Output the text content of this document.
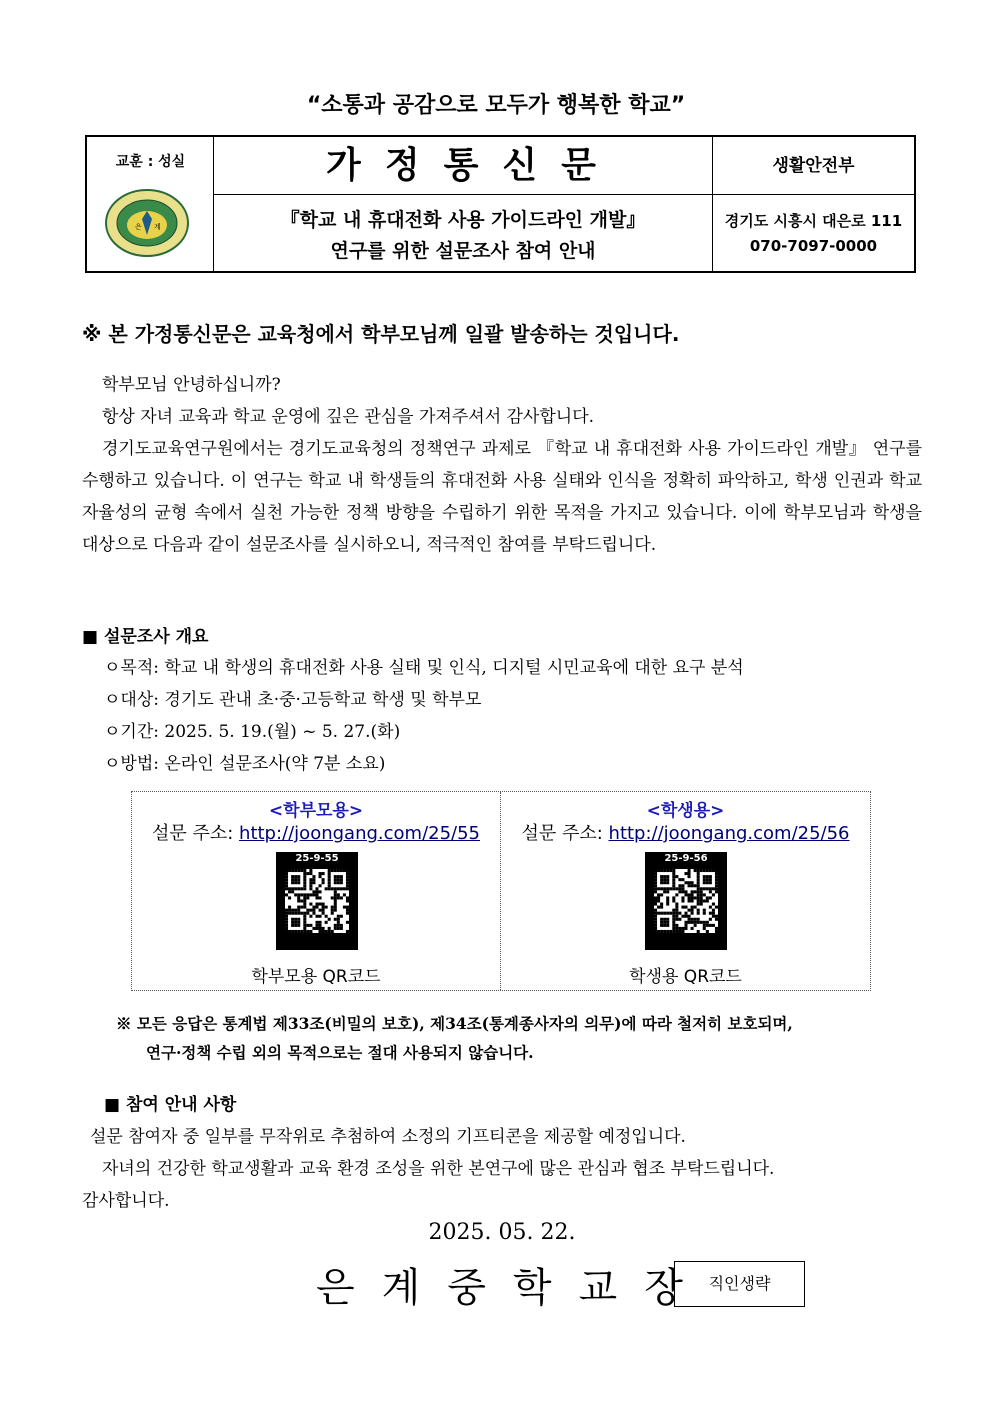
“소통과 공감으로 모두가 행복한 학교”
교훈 : 성실
은 계
가정통신문	생활안전부
『학교 내 휴대전화 사용 가이드라인 개발』
연구를 위한 설문조사 참여 안내
경기도 시흥시 대은로 111
070-7097-0000
※ 본 가정통신문은 교육청에서 학부모님께 일괄 발송하는 것입니다.
학부모님 안녕하십니까?
항상 자녀 교육과 학교 운영에 깊은 관심을 가져주셔서 감사합니다.
경기도교육연구원에서는 경기도교육청의 정책연구 과제로 『학교 내 휴대전화 사용 가이드라인 개발』 연구를 수행하고 있습니다. 이 연구는 학교 내 학생들의 휴대전화 사용 실태와 인식을 정확히 파악하고, 학생 인권과 학교 자율성의 균형 속에서 실천 가능한 정책 방향을 수립하기 위한 목적을 가지고 있습니다. 이에 학부모님과 학생을 대상으로 다음과 같이 설문조사를 실시하오니, 적극적인 참여를 부탁드립니다.
■ 설문조사 개요
ㅇ목적: 학교 내 학생의 휴대전화 사용 실태 및 인식, 디지털 시민교육에 대한 요구 분석
ㅇ대상: 경기도 관내 초·중·고등학교 학생 및 학부모
ㅇ기간: 2025. 5. 19.(월) ~ 5. 27.(화)
ㅇ방법: 온라인 설문조사(약 7분 소요)
<학부모용>
설문 주소: http://joongang.com/25/55
25-9-55
학부모용 QR코드
<학생용>
설문 주소: http://joongang.com/25/56
25-9-56
학생용 QR코드
※ 모든 응답은 통계법 제33조(비밀의 보호), 제34조(통계종사자의 의무)에 따라 철저히 보호되며,
연구·정책 수립 외의 목적으로는 절대 사용되지 않습니다.
■ 참여 안내 사항
설문 참여자 중 일부를 무작위로 추첨하여 소정의 기프티콘을 제공할 예정입니다.
자녀의 건강한 학교생활과 교육 환경 조성을 위한 본연구에 많은 관심과 협조 부탁드립니다.
감사합니다.
2025. 05. 22.
은계중학교장
직인생략
